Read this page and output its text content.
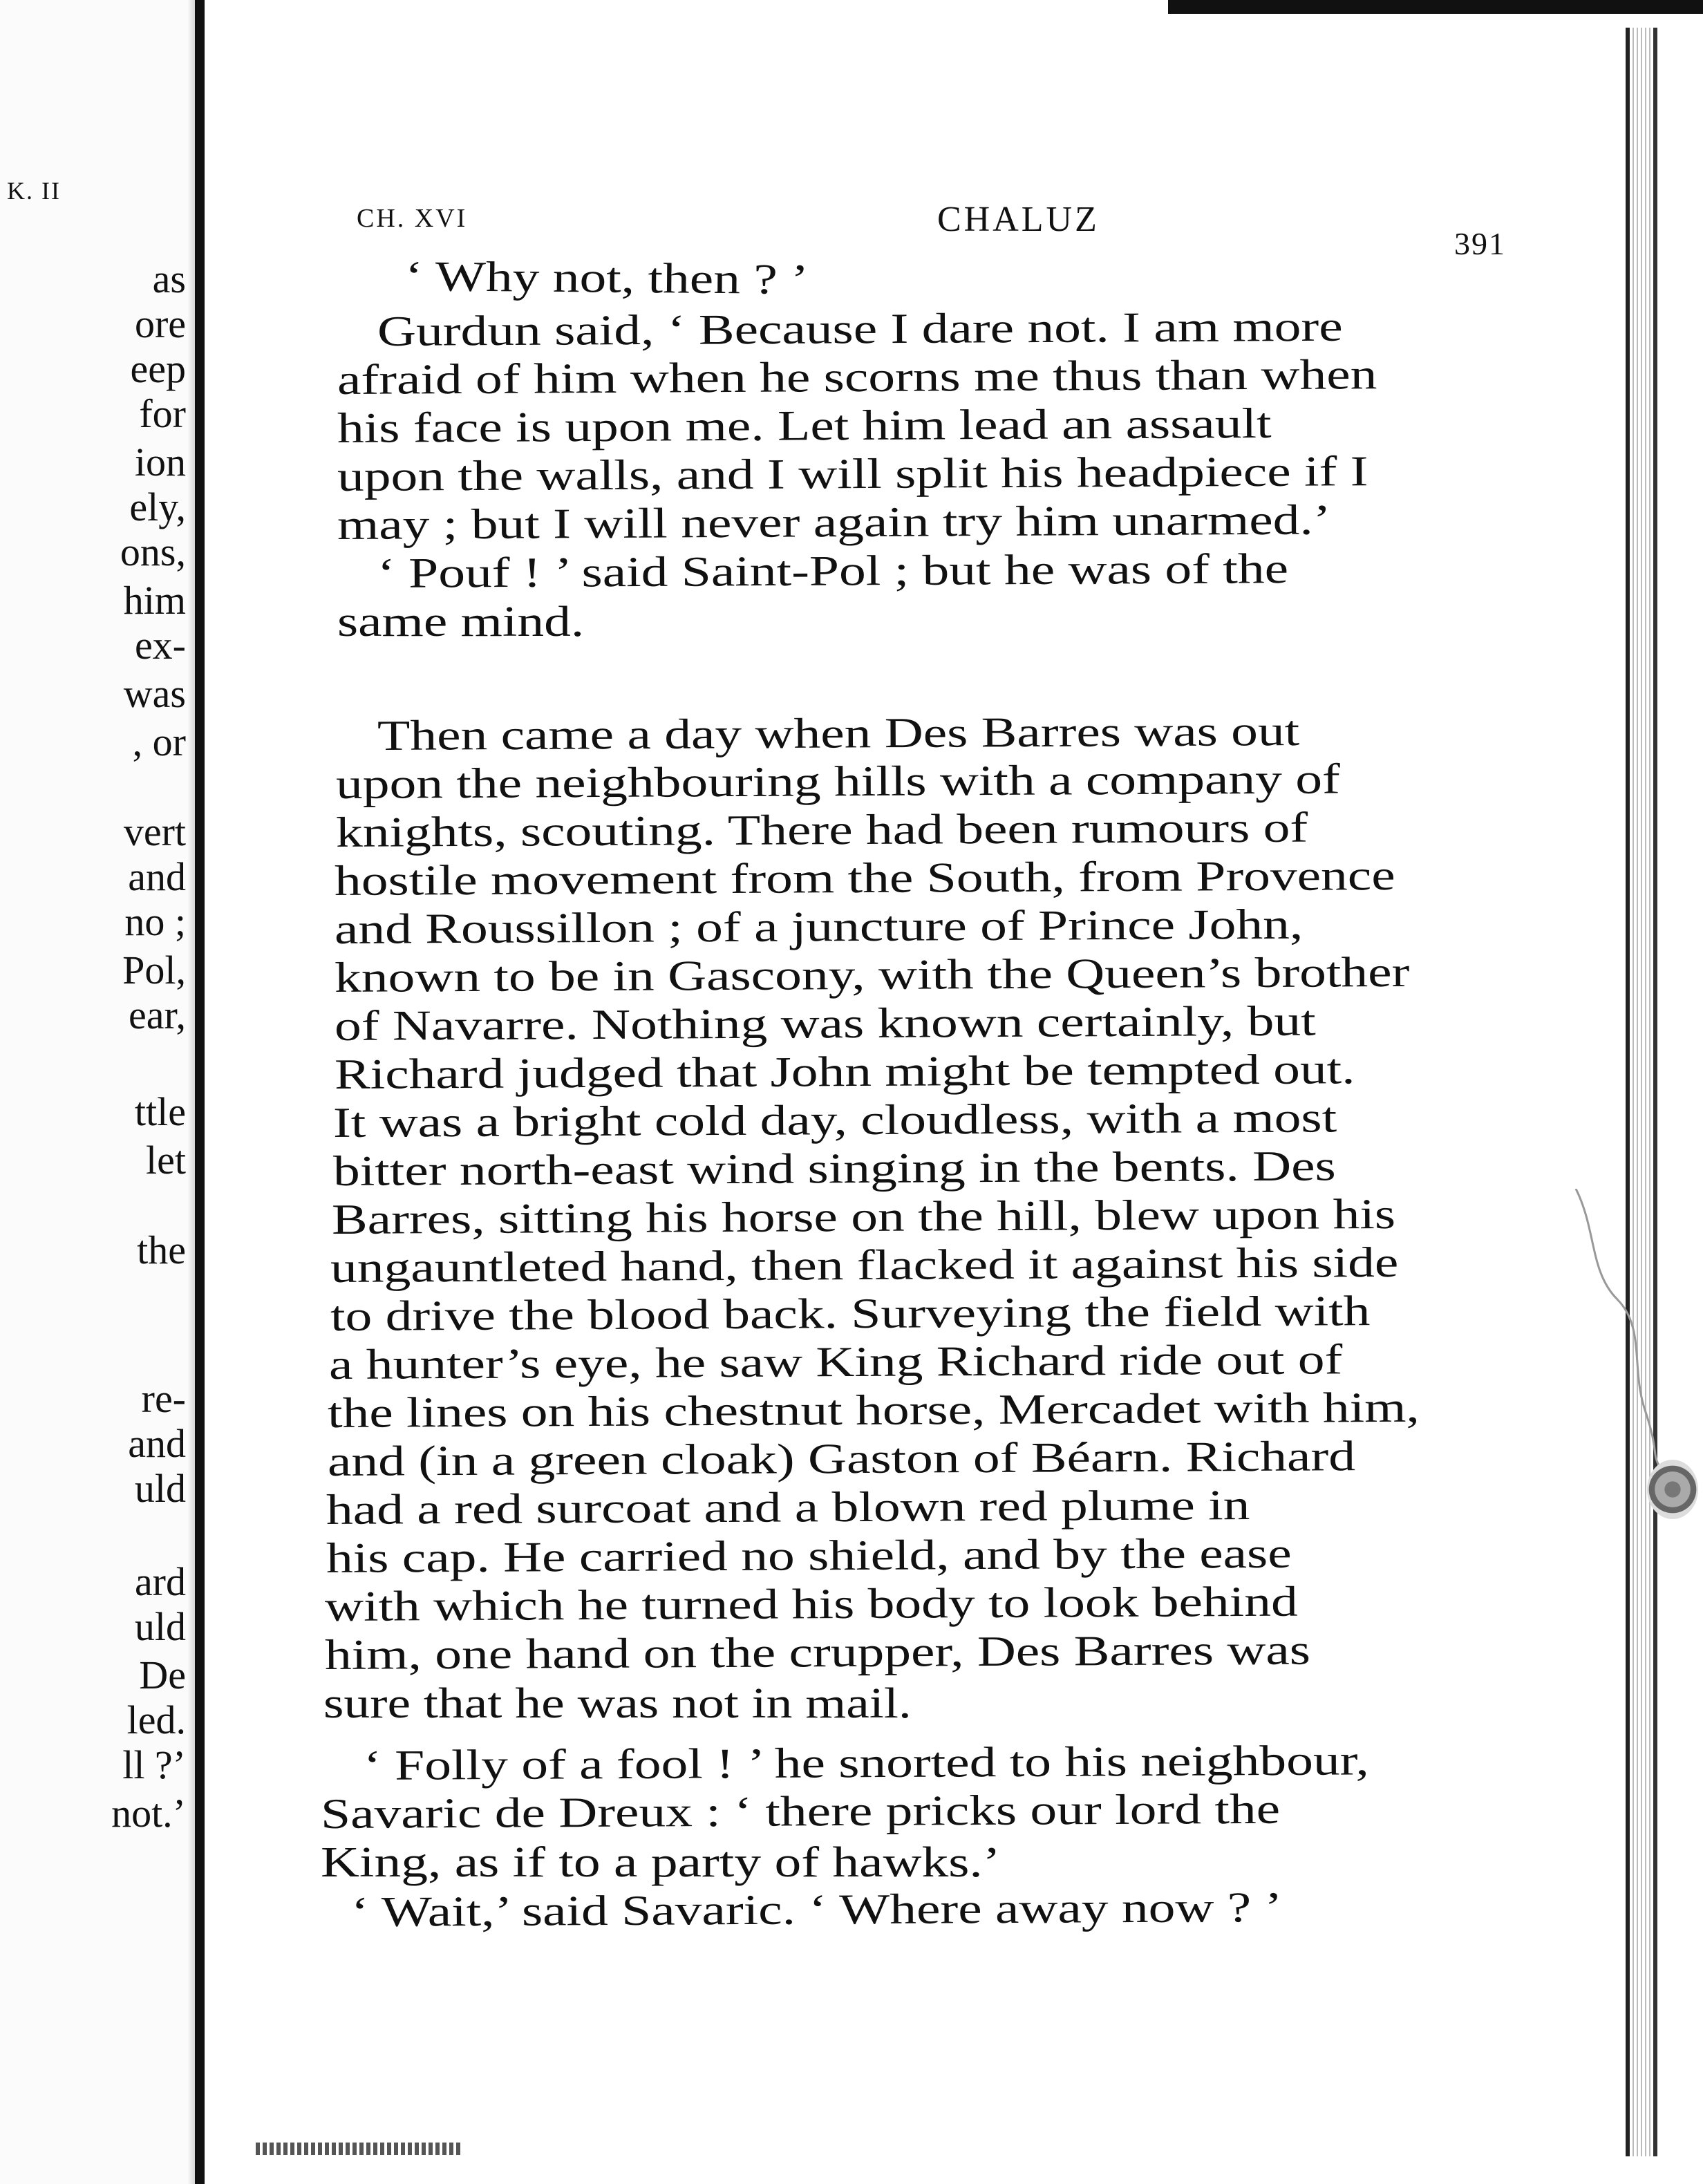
K. II
as
ore
eep
for
ion
ely,
ons,
him
ex-
was
, or
vert
and
no ;
Pol,
ear,
ttle
let
the
re-
and
uld
ard
uld
De
led.
ll ?’
not.’
CH. XVI	CHALUZ
391
‘ Why not, then ? ’
Gurdun said, ‘ Because I dare not. I am more
afraid of him when he scorns me thus than when
his face is upon me. Let him lead an assault
upon the walls, and I will split his headpiece if I
may ; but I will never again try him unarmed.’
‘ Pouf ! ’ said Saint-Pol ; but he was of the
same mind.
Then came a day when Des Barres was out
upon the neighbouring hills with a company of
knights, scouting. There had been rumours of
hostile movement from the South, from Provence
and Roussillon ; of a juncture of Prince John,
known to be in Gascony, with the Queen’s brother
of Navarre. Nothing was known certainly, but
Richard judged that John might be tempted out.
It was a bright cold day, cloudless, with a most
bitter north-east wind singing in the bents. Des
Barres, sitting his horse on the hill, blew upon his
ungauntleted hand, then flacked it against his side
to drive the blood back. Surveying the field with
a hunter’s eye, he saw King Richard ride out of
the lines on his chestnut horse, Mercadet with him,
and (in a green cloak) Gaston of Béarn. Richard
had a red surcoat and a blown red plume in
his cap. He carried no shield, and by the ease
with which he turned his body to look behind
him, one hand on the crupper, Des Barres was
sure that he was not in mail.
‘ Folly of a fool ! ’ he snorted to his neighbour,
Savaric de Dreux : ‘ there pricks our lord the
King, as if to a party of hawks.’
‘ Wait,’ said Savaric. ‘ Where away now ? ’
